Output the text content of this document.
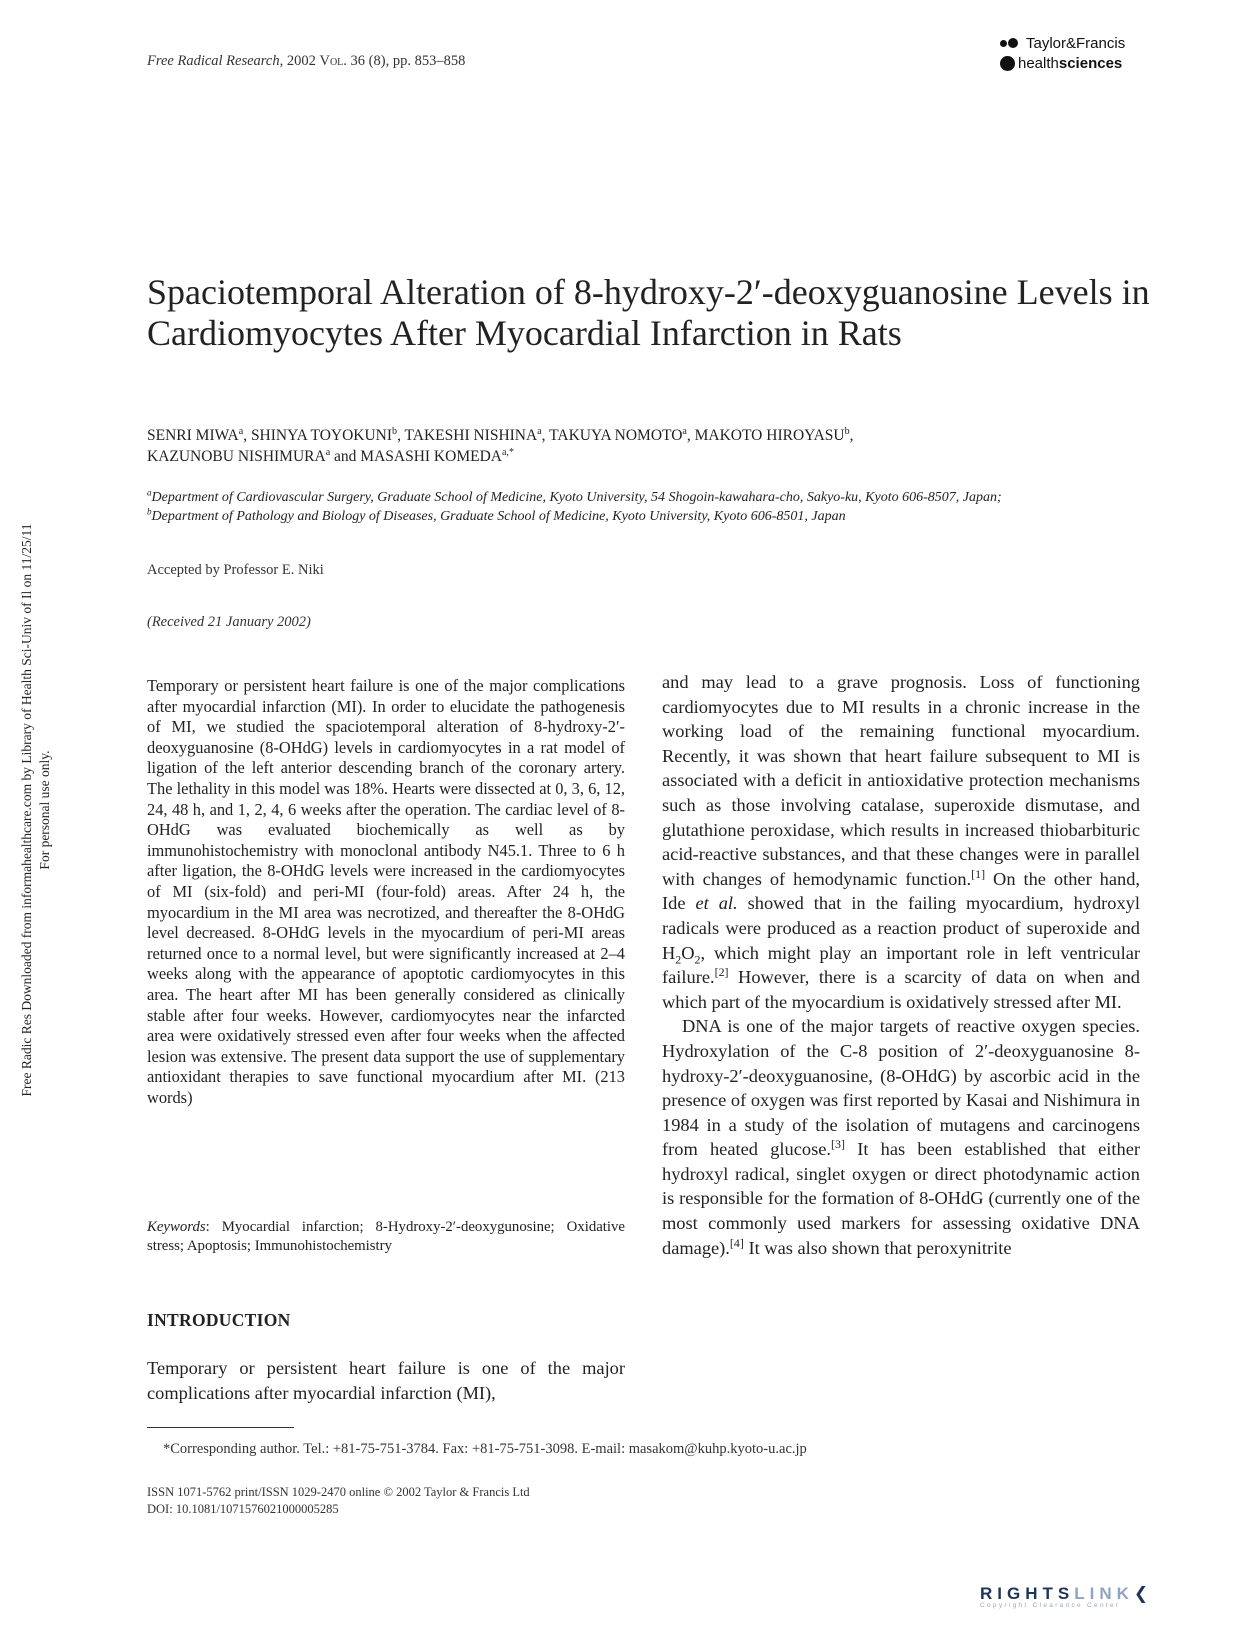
Free Radical Research, 2002 Vol. 36 (8), pp. 853–858
Taylor&Francis
health sciences
Spaciotemporal Alteration of 8-hydroxy-2′-deoxyguanosine Levels in Cardiomyocytes After Myocardial Infarction in Rats
SENRI MIWA$^a$, SHINYA TOYOKUNI$^b$, TAKESHI NISHINA$^a$, TAKUYA NOMOTO$^a$, MAKOTO HIROYASU$^b$,
KAZUNOBU NISHIMURA$^a$ and MASASHI $KOMEDA^{a,*}$
$^a$Department of Cardiovascular Surgery, Graduate School of Medicine, Kyoto University, 54 Shogoin-kawahara-cho, Sakyo-ku, Kyoto 606-8507, Japan;
$^b$Department of Pathology and Biology of Diseases, Graduate School of Medicine, Kyoto University, Kyoto 606-8501, Japan
Accepted by Professor E. Niki
(Received 21 January 2002)
Temporary or persistent heart failure is one of the major complications after myocardial infarction (MI). In order to elucidate the pathogenesis of MI, we studied the spaciotemporal alteration of 8-hydroxy-2′-deoxyguanosine (8-OHdG) levels in cardiomyocytes in a rat model of ligation of the left anterior descending branch of the coronary artery. The lethality in this model was 18%. Hearts were dissected at 0, 3, 6, 12, 24, 48 h, and 1, 2, 4, 6 weeks after the operation. The cardiac level of 8-OHdG was evaluated biochemically as well as by immunohistochemistry with monoclonal antibody N45.1. Three to 6 h after ligation, the 8-OHdG levels were increased in the cardiomyocytes of MI (six-fold) and peri-MI (four-fold) areas. After 24 h, the myocardium in the MI area was necrotized, and thereafter the 8-OHdG level decreased. 8-OHdG levels in the myocardium of peri-MI areas returned once to a normal level, but were significantly increased at 2–4 weeks along with the appearance of apoptotic cardiomyocytes in this area. The heart after MI has been generally considered as clinically stable after four weeks. However, cardiomyocytes near the infarcted area were oxidatively stressed even after four weeks when the affected lesion was extensive. The present data support the use of supplementary antioxidant therapies to save functional myocardium after MI. (213 words)
Keywords: Myocardial infarction; 8-Hydroxy-2′-deoxygunosine; Oxidative stress; Apoptosis; Immunohistochemistry
INTRODUCTION
Temporary or persistent heart failure is one of the major complications after myocardial infarction (MI),

and may lead to a grave prognosis. Loss of functioning cardiomyocytes due to MI results in a chronic increase in the working load of the remaining functional myocardium. Recently, it was shown that heart failure subsequent to MI is associated with a deficit in antioxidative protection mechanisms such as those involving catalase, superoxide dismutase, and glutathione peroxidase, which results in increased thiobarbituric acid-reactive substances, and that these changes were in parallel with changes of hemodynamic function.[1] On the other hand, Ide et al. showed that in the failing myocardium, hydroxyl radicals were produced as a reaction product of superoxide and $H_2O_2$, which might play an important role in left ventricular failure.[2] However, there is a scarcity of data on when and which part of the myocardium is oxidatively stressed after MI.

DNA is one of the major targets of reactive oxygen species. Hydroxylation of the C-8 position of 2′-deoxyguanosine 8-hydroxy-2′-deoxyguanosine, (8-OHdG) by ascorbic acid in the presence of oxygen was first reported by Kasai and Nishimura in 1984 in a study of the isolation of mutagens and carcinogens from heated glucose.[3] It has been established that either hydroxyl radical, singlet oxygen or direct photodynamic action is responsible for the formation of 8-OHdG (currently one of the most commonly used markers for assessing oxidative DNA damage).[4] It was also shown that peroxynitrite

*Corresponding author. Tel.: +81-75-751-3784. Fax: +81-75-751-3098. E-mail: masakom@kuhp.kyoto-u.ac.jp
ISSN 1071-5762 print/ISSN 1029-2470 online © 2002 Taylor & Francis Ltd
DOI: 10.1081/1071576021000005285
Free Radic Res Downloaded from informahealthcare.com by Library of Health Sci-Univ of Il on 11/25/11 For personal use only.
RIGHTSLINK❮
Copyright Clearance Center
